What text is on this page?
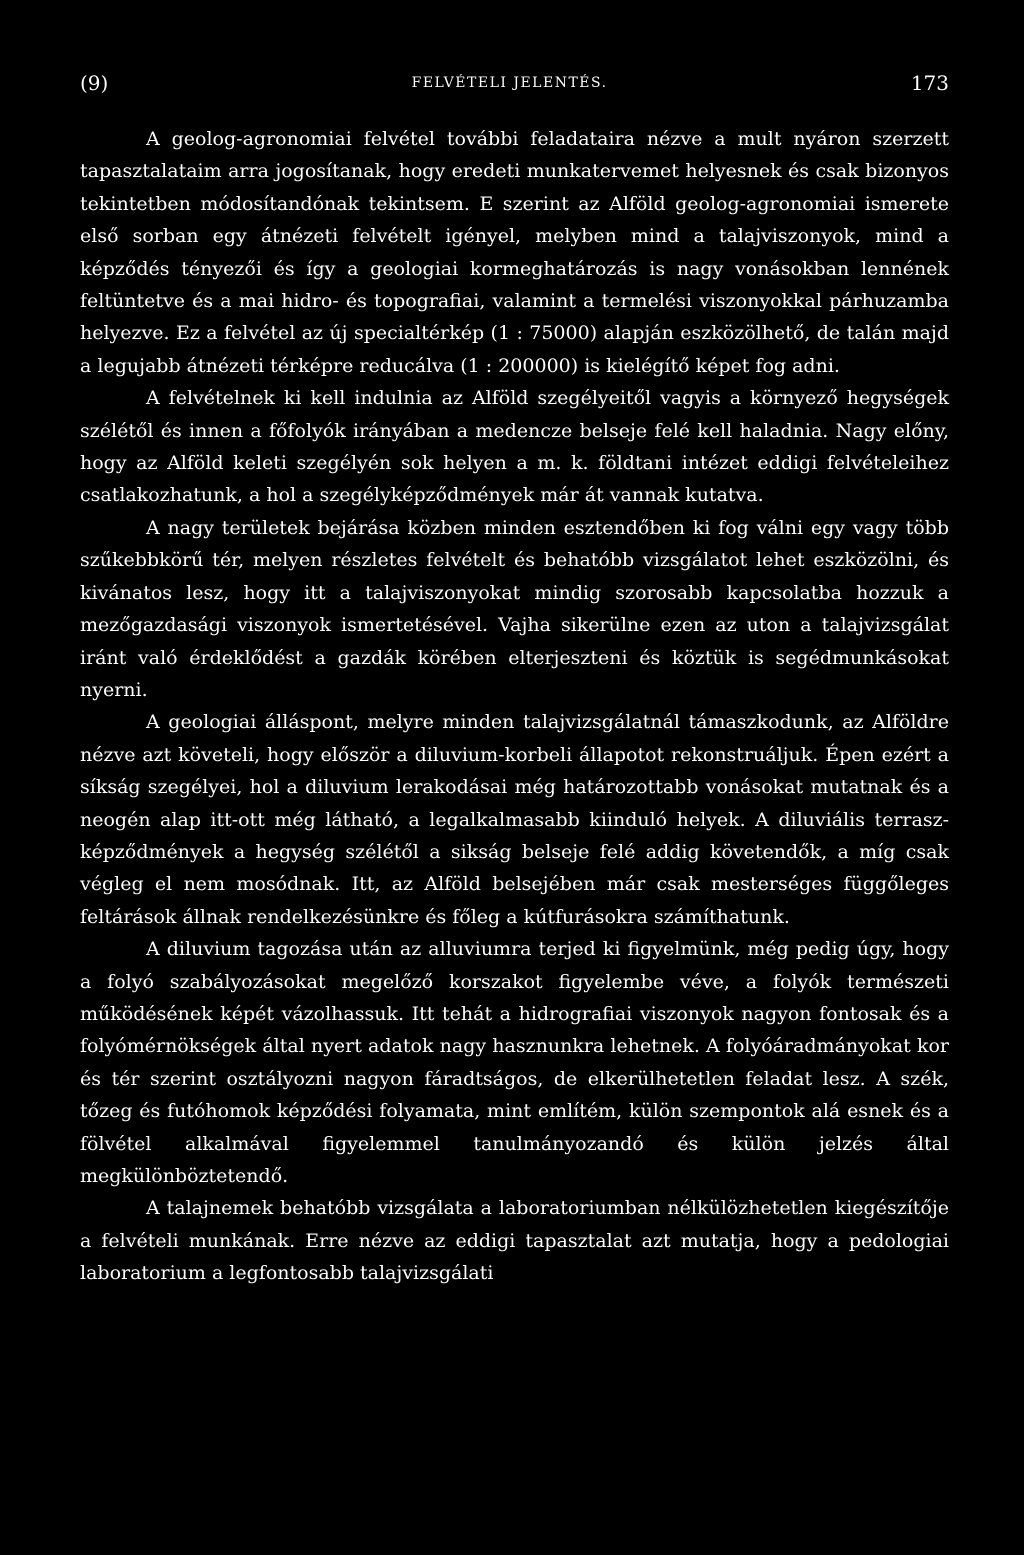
(9)	FELVÉTELI JELENTÉS.	173

A geolog-agronomiai felvétel további feladataira nézve a mult nyáron szerzett tapasztalataim arra jogosítanak, hogy eredeti munkatervemet helyesnek és csak bizonyos tekintetben módosítandónak tekintsem. E szerint az Alföld geolog-agronomiai ismerete első sorban egy átnézeti felvételt igényel, melyben mind a talajviszonyok, mind a képződés tényezői és így a geologiai kormeghatározás is nagy vonásokban lennének feltüntetve és a mai hidro- és topografiai, valamint a termelési viszonyokkal párhuzamba helyezve. Ez a felvétel az új specialtérkép (1 : 75000) alapján eszközölhető, de talán majd a legujabb átnézeti térképre reducálva (1 : 200000) is kielégítő képet fog adni.

A felvételnek ki kell indulnia az Alföld szegélyeitől vagyis a környező hegységek szélétől és innen a főfolyók irányában a medencze belseje felé kell haladnia. Nagy előny, hogy az Alföld keleti szegélyén sok helyen a m. k. földtani intézet eddigi felvételeihez csatlakozhatunk, a hol a szegélyképződmények már át vannak kutatva.

A nagy területek bejárása közben minden esztendőben ki fog válni egy vagy több szűkebbkörű tér, melyen részletes felvételt és behatóbb vizsgálatot lehet eszközölni, és kivánatos lesz, hogy itt a talajviszonyokat mindig szorosabb kapcsolatba hozzuk a mezőgazdasági viszonyok ismertetésével. Vajha sikerülne ezen az uton a talajvizsgálat iránt való érdeklődést a gazdák körében elterjeszteni és köztük is segédmunkásokat nyerni.

A geologiai álláspont, melyre minden talajvizsgálatnál támaszkodunk, az Alföldre nézve azt követeli, hogy először a diluvium-korbeli állapotot rekonstruáljuk. Épen ezért a síkság szegélyei, hol a diluvium lerakodásai még határozottabb vonásokat mutatnak és a neogén alap itt-ott még látható, a legalkalmasabb kiinduló helyek. A diluviális terrasz-képződmények a hegység szélétől a sikság belseje felé addig követendők, a míg csak végleg el nem mosódnak. Itt, az Alföld belsejében már csak mesterséges függőleges feltárások állnak rendelkezésünkre és főleg a kútfurásokra számíthatunk.

A diluvium tagozása után az alluviumra terjed ki figyelmünk, még pedig úgy, hogy a folyó szabályozásokat megelőző korszakot figyelembe véve, a folyók természeti működésének képét vázolhassuk. Itt tehát a hidrografiai viszonyok nagyon fontosak és a folyómérnökségek által nyert adatok nagy hasznunkra lehetnek. A folyóáradmányokat kor és tér szerint osztályozni nagyon fáradtságos, de elkerülhetetlen feladat lesz. A szék, tőzeg és futóhomok képződési folyamata, mint említém, külön szempontok alá esnek és a fölvétel alkalmával figyelemmel tanulmányozandó és külön jelzés által megkülönböztetendő.

A talajnemek behatóbb vizsgálata a laboratoriumban nélkülözhetetlen kiegészítője a felvételi munkának. Erre nézve az eddigi tapasztalat azt mutatja, hogy a pedologiai laboratorium a legfontosabb talajvizsgálati
